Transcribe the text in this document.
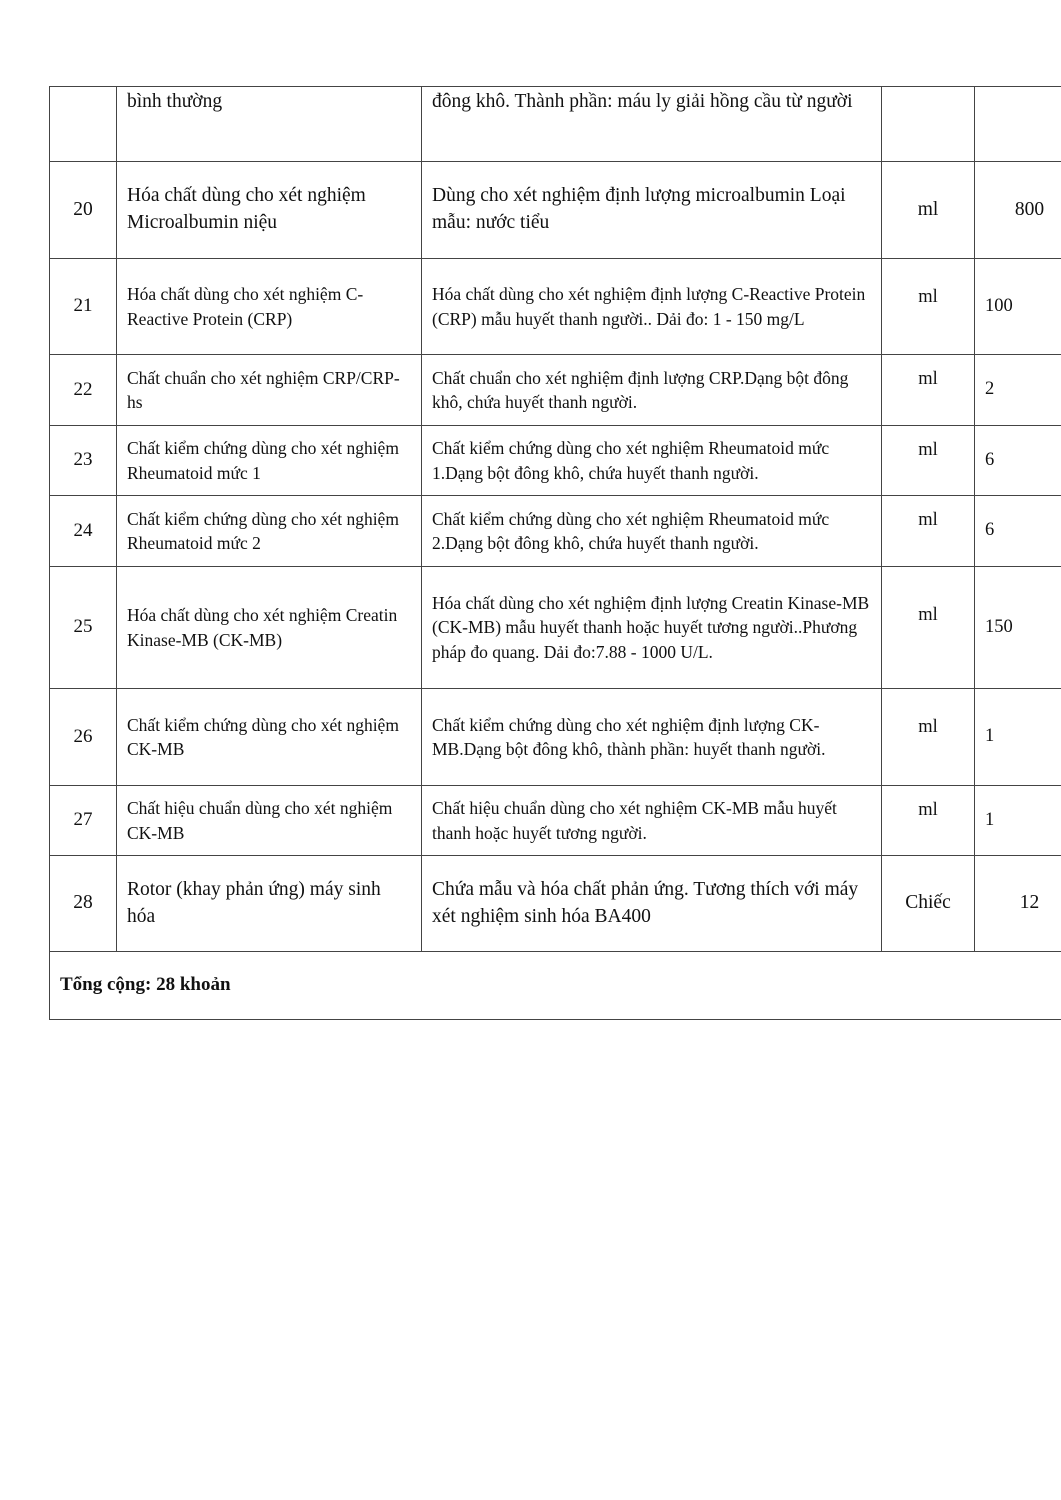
	bình thường	đông khô. Thành phần: máu ly giải hồng cầu từ người		
20	Hóa chất dùng cho xét nghiệm Microalbumin niệu	Dùng cho xét nghiệm định lượng microalbumin Loại mẫu: nước tiểu	ml	800
21	Hóa chất dùng cho xét nghiệm C-Reactive Protein (CRP)	Hóa chất dùng cho xét nghiệm định lượng C-Reactive Protein (CRP) mẫu huyết thanh người.. Dải đo: 1 - 150 mg/L	ml	100
22	Chất chuẩn cho xét nghiệm CRP/CRP-hs	Chất chuẩn cho xét nghiệm định lượng CRP.Dạng bột đông khô, chứa huyết thanh người.	ml	2
23	Chất kiểm chứng dùng cho xét nghiệm Rheumatoid mức 1	Chất kiểm chứng dùng cho xét nghiệm Rheumatoid mức 1.Dạng bột đông khô, chứa huyết thanh người.	ml	6
24	Chất kiểm chứng dùng cho xét nghiệm Rheumatoid mức 2	Chất kiểm chứng dùng cho xét nghiệm Rheumatoid mức 2.Dạng bột đông khô, chứa huyết thanh người.	ml	6
25	Hóa chất dùng cho xét nghiệm Creatin Kinase-MB (CK-MB)	Hóa chất dùng cho xét nghiệm định lượng Creatin Kinase-MB (CK-MB) mẫu huyết thanh hoặc huyết tương người..Phương pháp đo quang. Dải đo:7.88 - 1000 U/L.	ml	150
26	Chất kiểm chứng dùng cho xét nghiệm CK-MB	Chất kiểm chứng dùng cho xét nghiệm định lượng CK-MB.Dạng bột đông khô, thành phần: huyết thanh người.	ml	1
27	Chất hiệu chuẩn dùng cho xét nghiệm CK-MB	Chất hiệu chuẩn dùng cho xét nghiệm CK-MB mẫu huyết thanh hoặc huyết tương người.	ml	1
28	Rotor (khay phản ứng) máy sinh hóa	Chứa mẫu và hóa chất phản ứng. Tương thích với máy xét nghiệm sinh hóa BA400	Chiếc	12
Tổng cộng: 28 khoản				
